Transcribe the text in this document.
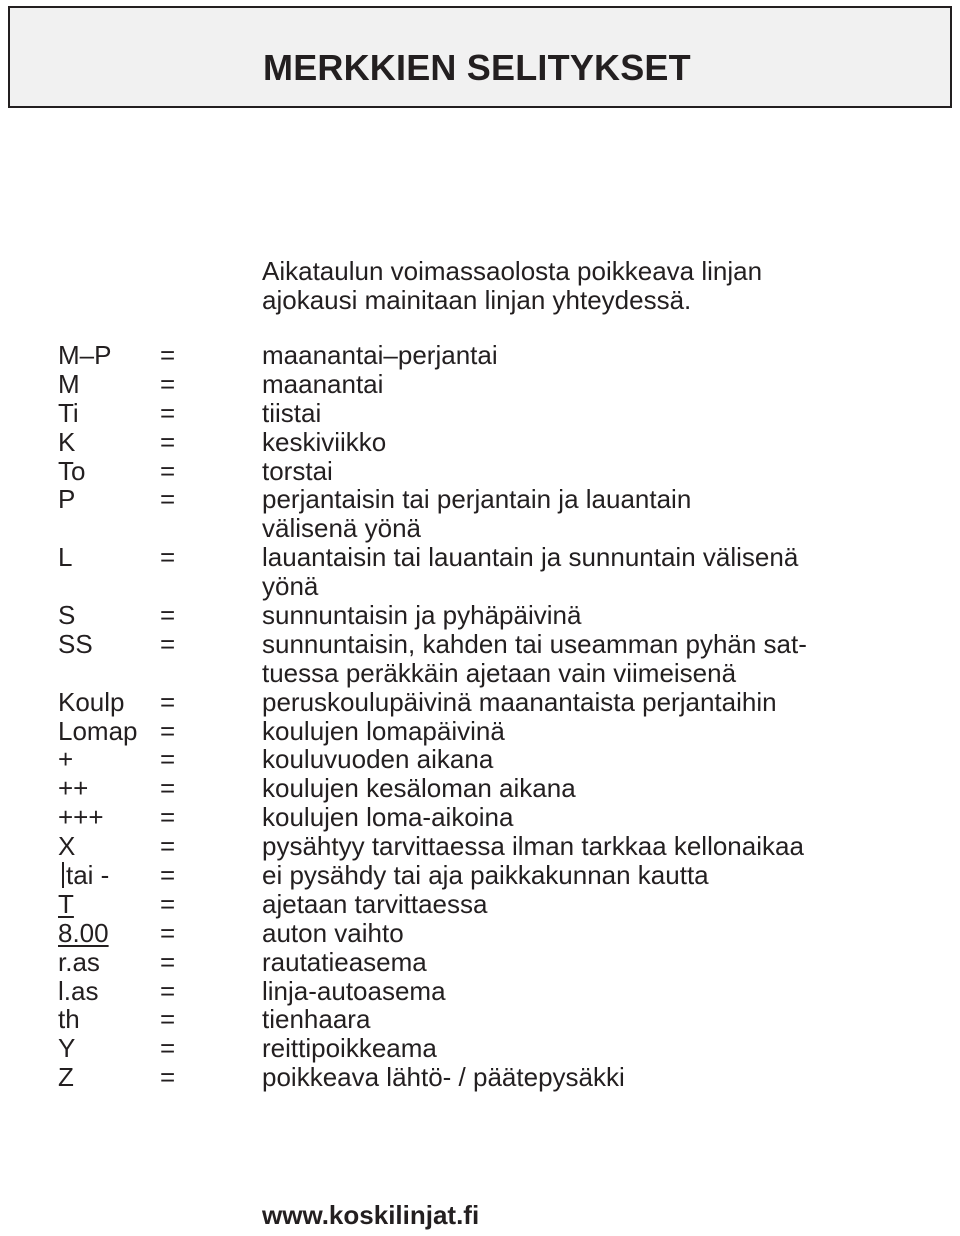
MERKKIEN SELITYKSET
Aikataulun voimassaolosta poikkeava linjan
ajokausi mainitaan linjan yhteydessä.
M–P =	maanantai–perjantai
M	=	maanantai
Ti	=	tiistai
K	=	keskiviikko
To	=	torstai
P	=	perjantaisin tai perjantain ja lauantain
välisenä yönä
L	=	lauantaisin tai lauantain ja sunnuntain välisenä
yönä
S	=	sunnuntaisin ja pyhäpäivinä
SS	=	sunnuntaisin, kahden tai useamman pyhän sat-
tuessa peräkkäin ajetaan vain viimeisenä
Koulp =	peruskoulupäivinä maanantaista perjantaihin
Lomap =	koulujen lomapäivinä
+	=	kouluvuoden aikana
++	=	koulujen kesäloman aikana
+++ =	koulujen loma-aikoina
X	=	pysähtyy tarvittaessa ilman tarkkaa kellonaikaa
tai - =	ei pysähdy tai aja paikkakunnan kautta
T	=	ajetaan tarvittaessa
8.00 =	auton vaihto
r.as =	rautatieasema
l.as =	linja-autoasema
th	=	tienhaara
Y	=	reittipoikkeama
Z	=	poikkeava lähtö- / päätepysäkki
www.koskilinjat.fi
